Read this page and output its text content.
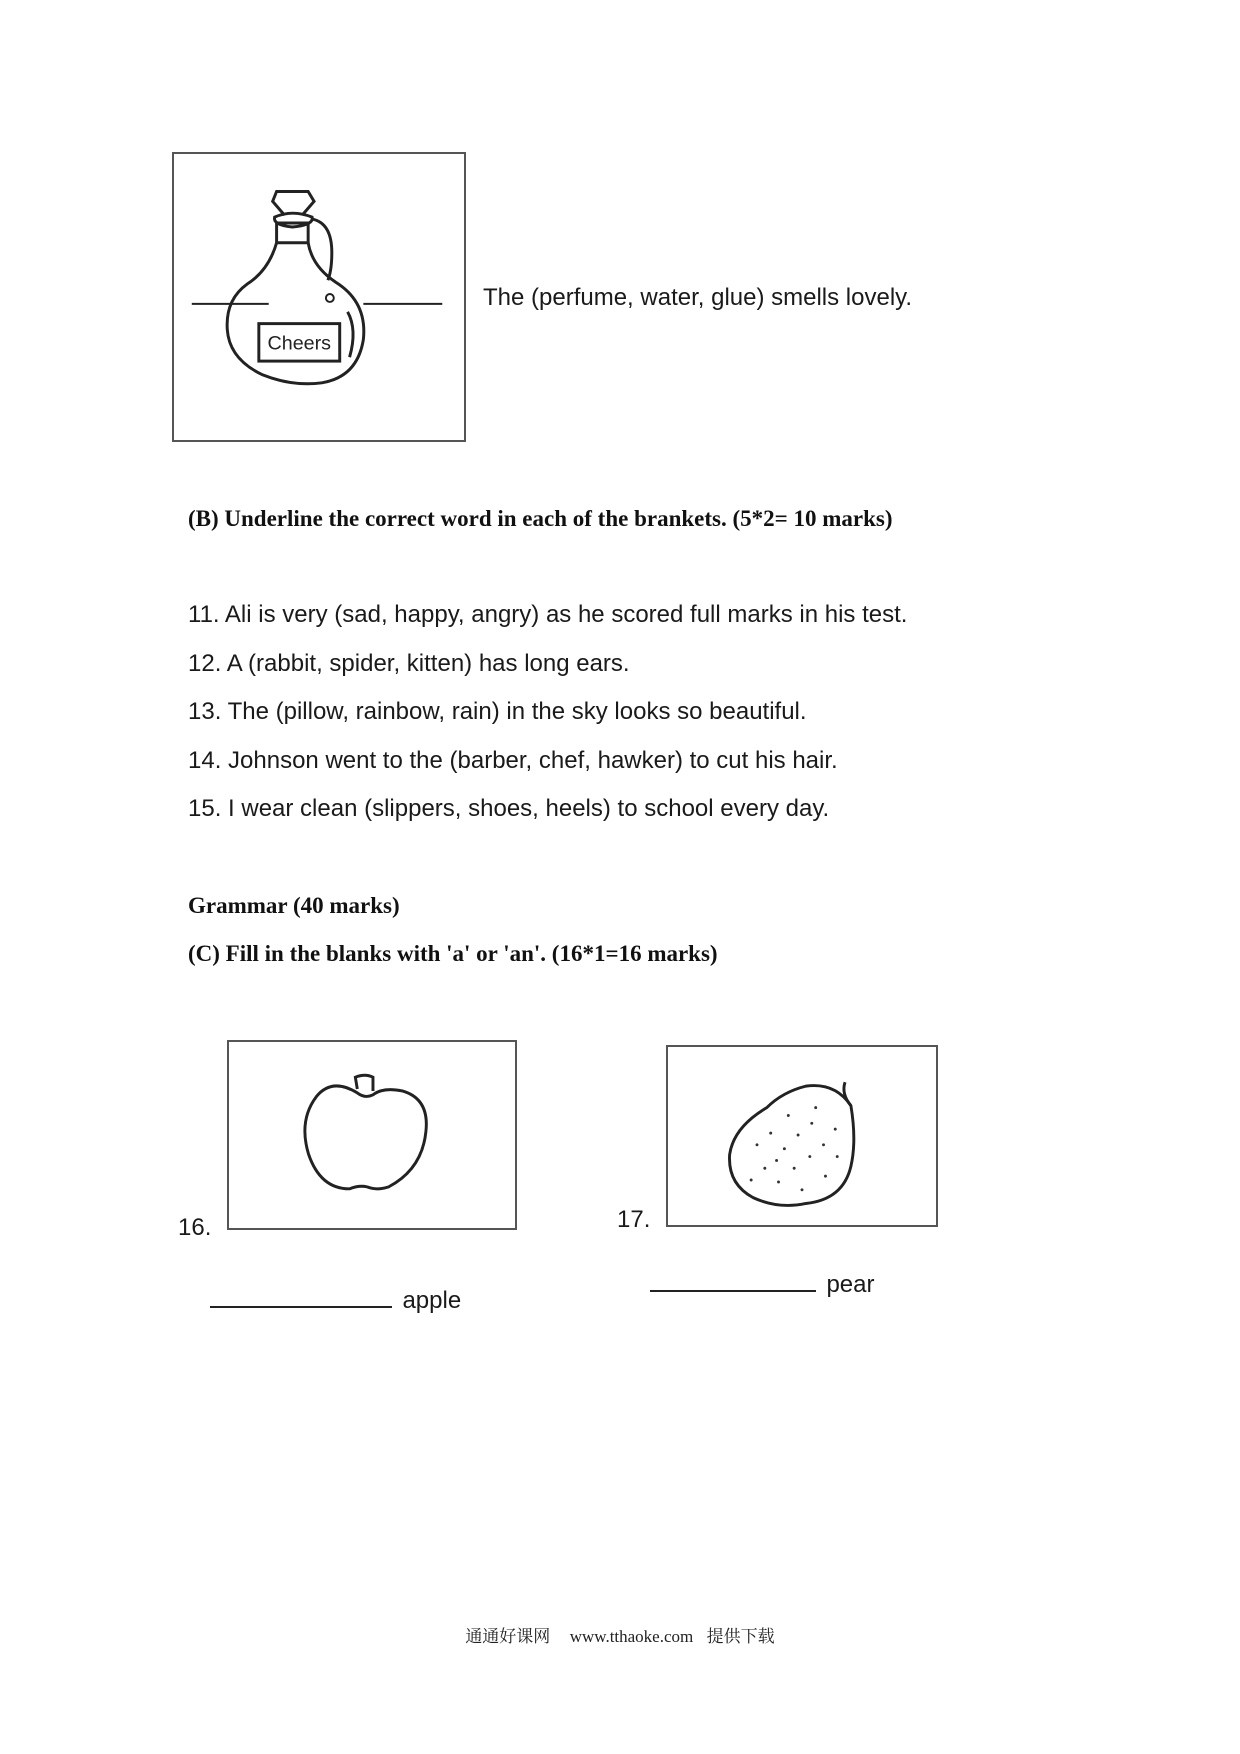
Cheers
The (perfume, water, glue) smells lovely.
(B) Underline the correct word in each of the brankets. (5*2= 10 marks)
11. Ali is very (sad, happy, angry) as he scored full marks in his test.
12. A (rabbit, spider, kitten) has long ears.
13. The (pillow, rainbow, rain) in the sky looks so beautiful.
14. Johnson went to the (barber, chef, hawker) to cut his hair.
15. I wear clean (slippers, shoes, heels) to school every day.
Grammar (40 marks)
(C) Fill in the blanks with 'a' or 'an'. (16*1=16 marks)
16.
apple
17.
pear
通通好课网 www.tthaoke.com 提供下载
